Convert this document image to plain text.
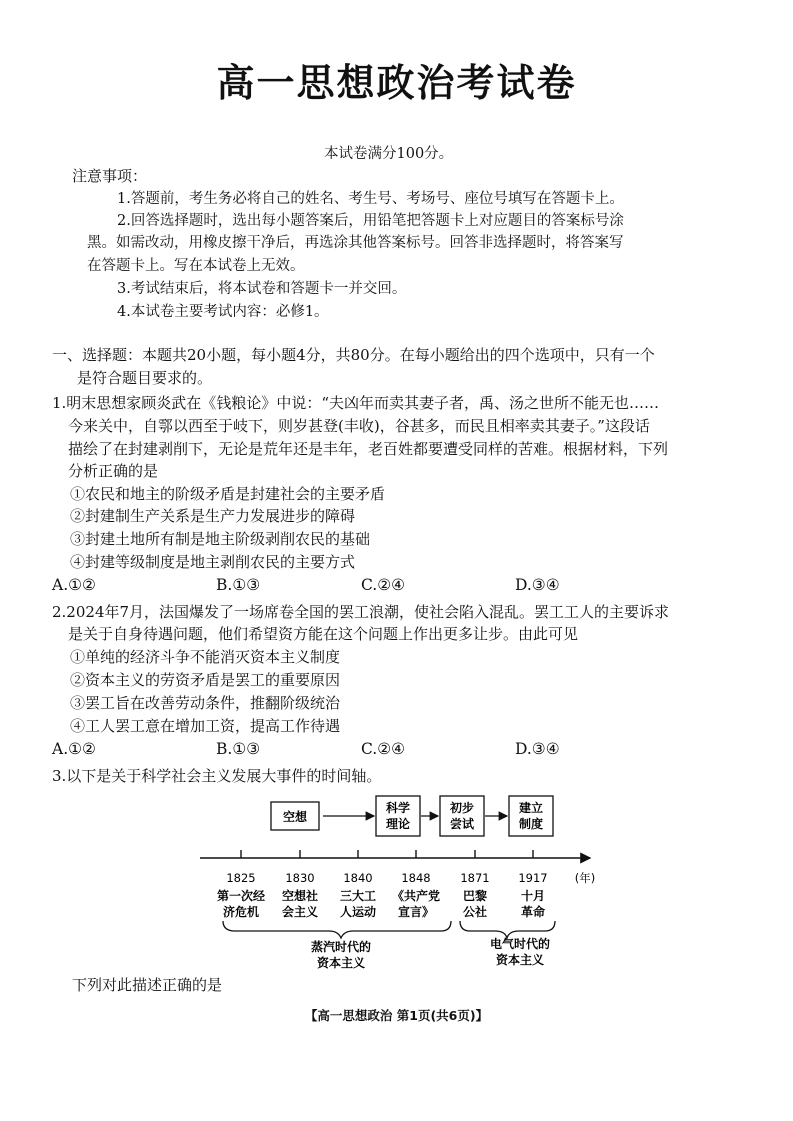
高一思想政治考试卷
本试卷满分100分。
注意事项：
1.答题前，考生务必将自己的姓名、考生号、考场号、座位号填写在答题卡上。
2.回答选择题时，选出每小题答案后，用铅笔把答题卡上对应题目的答案标号涂
黑。如需改动，用橡皮擦干净后，再选涂其他答案标号。回答非选择题时，将答案写
在答题卡上。写在本试卷上无效。
3.考试结束后，将本试卷和答题卡一并交回。
4.本试卷主要考试内容：必修1。
一、选择题：本题共20小题，每小题4分，共80分。在每小题给出的四个选项中，只有一个
是符合题目要求的。
1.明末思想家顾炎武在《钱粮论》中说：“夫凶年而卖其妻子者，禹、汤之世所不能无也……
今来关中，自鄠以西至于岐下，则岁甚登(丰收)，谷甚多，而民且相率卖其妻子。”这段话
描绘了在封建剥削下，无论是荒年还是丰年，老百姓都要遭受同样的苦难。根据材料，下列
分析正确的是
①农民和地主的阶级矛盾是封建社会的主要矛盾
②封建制生产关系是生产力发展进步的障碍
③封建土地所有制是地主阶级剥削农民的基础
④封建等级制度是地主剥削农民的主要方式
A.①②	B.①③	C.②④	D.③④
2.2024年7月，法国爆发了一场席卷全国的罢工浪潮，使社会陷入混乱。罢工工人的主要诉求
是关于自身待遇问题，他们希望资方能在这个问题上作出更多让步。由此可见
①单纯的经济斗争不能消灭资本主义制度
②资本主义的劳资矛盾是罢工的重要原因
③罢工旨在改善劳动条件，推翻阶级统治
④工人罢工意在增加工资，提高工作待遇
A.①②	B.①③	C.②④	D.③④
3.以下是关于科学社会主义发展大事件的时间轴。
空想
科学
理论
初步
尝试
建立
制度
1825	1830 1840 1848	1871 1917 (年)
第一次经
济危机
空想社
会主义
三大工
人运动
《共产党
宣言》
巴黎
公社
十月
革命
蒸汽时代的
资本主义
电气时代的
资本主义
下列对此描述正确的是
【高一思想政治 第1页(共6页)】
